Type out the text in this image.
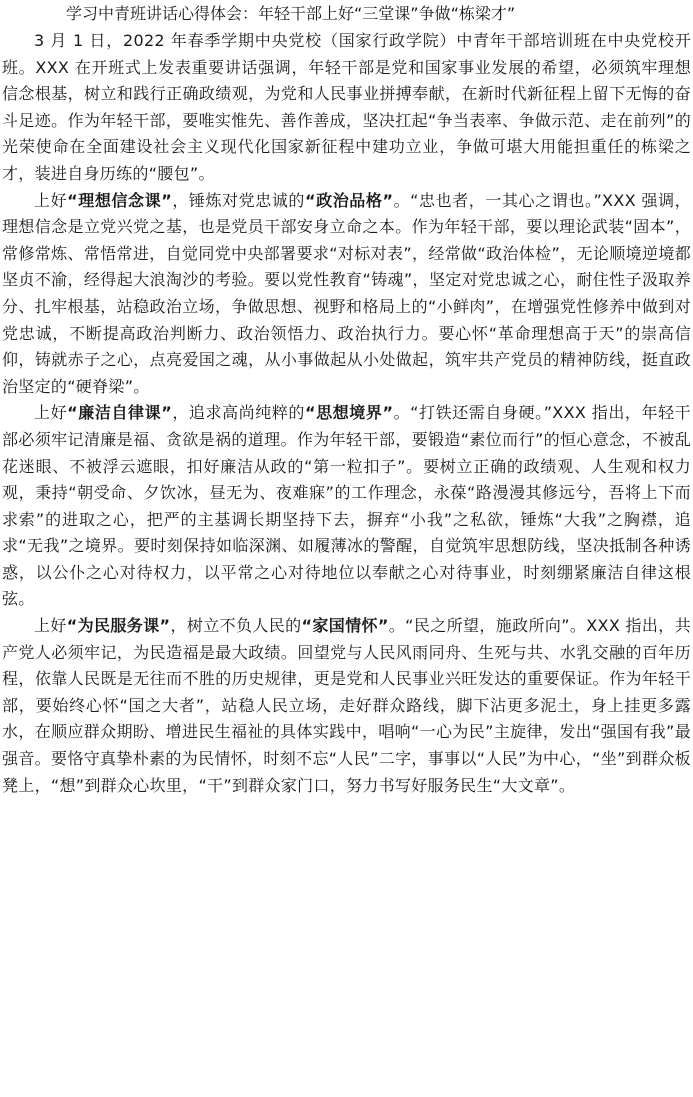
学习中青班讲话心得体会：年轻干部上好“三堂课”争做“栋梁才”

3 月 1 日，2022 年春季学期中央党校（国家行政学院）中青年干部培训班在中央党校开班。XXX 在开班式上发表重要讲话强调，年轻干部是党和国家事业发展的希望，必须筑牢理想信念根基，树立和践行正确政绩观，为党和人民事业拼搏奉献，在新时代新征程上留下无悔的奋斗足迹。作为年轻干部，要唯实惟先、善作善成，坚决扛起“争当表率、争做示范、走在前列”的光荣使命在全面建设社会主义现代化国家新征程中建功立业，争做可堪大用能担重任的栋梁之才，装进自身历练的“腰包”。

上好“理想信念课”，锤炼对党忠诚的“政治品格”。“忠也者，一其心之谓也。”XXX 强调，理想信念是立党兴党之基，也是党员干部安身立命之本。作为年轻干部，要以理论武装“固本”，常修常炼、常悟常进，自觉同党中央部署要求“对标对表”，经常做“政治体检”，无论顺境逆境都坚贞不渝，经得起大浪淘沙的考验。要以党性教育“铸魂”，坚定对党忠诚之心，耐住性子汲取养分、扎牢根基，站稳政治立场，争做思想、视野和格局上的“小鲜肉”，在增强党性修养中做到对党忠诚，不断提高政治判断力、政治领悟力、政治执行力。要心怀“革命理想高于天”的崇高信仰，铸就赤子之心，点亮爱国之魂，从小事做起从小处做起，筑牢共产党员的精神防线，挺直政治坚定的“硬脊梁”。

上好“廉洁自律课”，追求高尚纯粹的“思想境界”。“打铁还需自身硬。”XXX 指出，年轻干部必须牢记清廉是福、贪欲是祸的道理。作为年轻干部，要锻造“素位而行”的恒心意念，不被乱花迷眼、不被浮云遮眼，扣好廉洁从政的“第一粒扣子”。要树立正确的政绩观、人生观和权力观，秉持“朝受命、夕饮冰，昼无为、夜难寐”的工作理念，永葆“路漫漫其修远兮，吾将上下而求索”的进取之心，把严的主基调长期坚持下去，摒弃“小我”之私欲，锤炼“大我”之胸襟，追求“无我”之境界。要时刻保持如临深渊、如履薄冰的警醒，自觉筑牢思想防线，坚决抵制各种诱惑，以公仆之心对待权力，以平常之心对待地位以奉献之心对待事业，时刻绷紧廉洁自律这根弦。

上好“为民服务课”，树立不负人民的“家国情怀”。“民之所望，施政所向”。XXX 指出，共产党人必须牢记，为民造福是最大政绩。回望党与人民风雨同舟、生死与共、水乳交融的百年历程，依靠人民既是无往而不胜的历史规律，更是党和人民事业兴旺发达的重要保证。作为年轻干部，要始终心怀“国之大者”，站稳人民立场，走好群众路线，脚下沾更多泥土，身上挂更多露水，在顺应群众期盼、增进民生福祉的具体实践中，唱响“一心为民”主旋律，发出“强国有我”最强音。要恪守真挚朴素的为民情怀，时刻不忘“人民”二字，事事以“人民”为中心，“坐”到群众板凳上，“想”到群众心坎里，“干”到群众家门口，努力书写好服务民生“大文章”。
